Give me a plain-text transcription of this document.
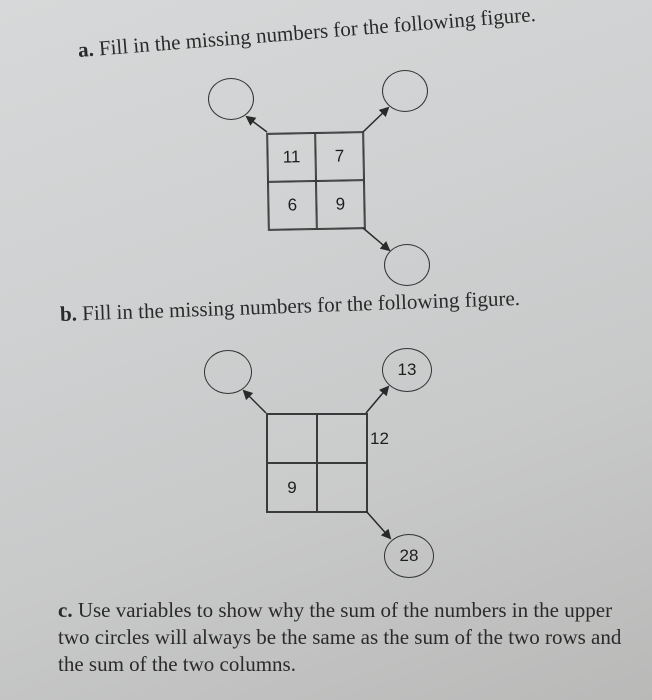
a. Fill in the missing numbers for the following figure.
11	7
6	9
b. Fill in the missing numbers for the following figure.
13
28
9
12

c. Use variables to show why the sum of the numbers in the upper two circles will always be the same as the sum of the two rows and the sum of the two columns.
